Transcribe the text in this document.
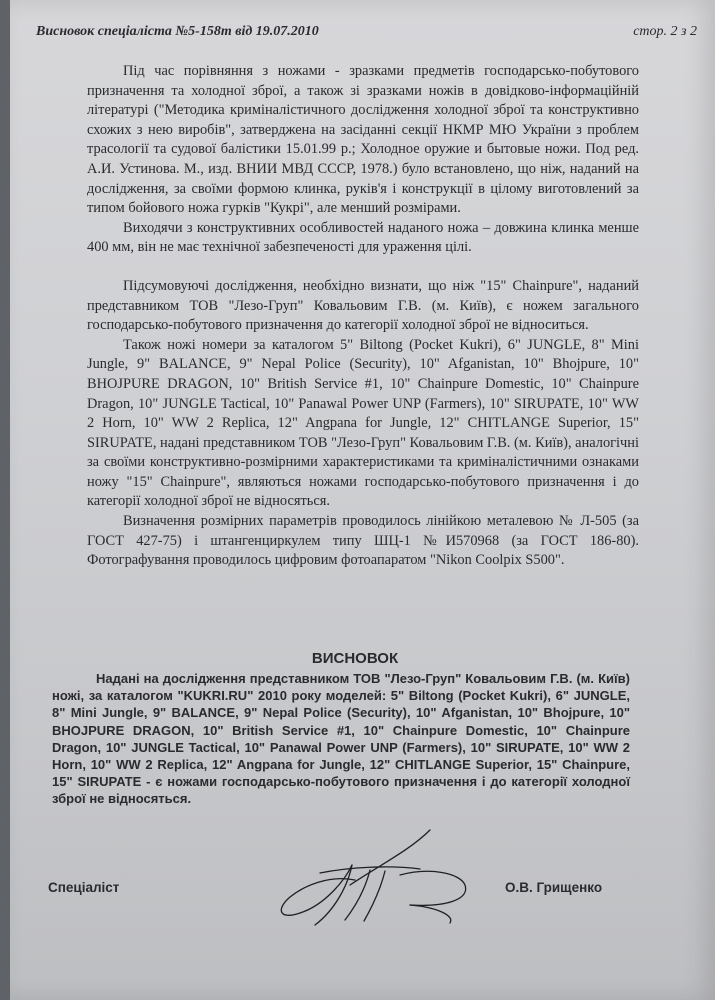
Висновок спеціаліста №5-158т від 19.07.2010	стор. 2 з 2

Під час порівняння з ножами - зразками предметів господарсько-побутового призначення та холодної зброї, а також зі зразками ножів в довідково-інформаційній літературі ("Методика криміналістичного дослідження холодної зброї та конструктивно схожих з нею виробів", затверджена на засіданні секції НКМР МЮ України з проблем трасології та судової балістики 15.01.99 р.; Холодное оружие и бытовые ножи. Под ред. А.И. Устинова. М., изд. ВНИИ МВД СССР, 1978.) було встановлено, що ніж, наданий на дослідження, за своїми формою клинка, руків'я і конструкції в цілому виготовлений за типом бойового ножа гурків "Кукрі", але менший розмірами.

Виходячи з конструктивних особливостей наданого ножа – довжина клинка менше 400 мм, він не має технічної забезпеченості для ураження цілі.

Підсумовуючі дослідження, необхідно визнати, що ніж "15" Chainpure", наданий представником ТОВ "Лезо-Груп" Ковальовим Г.В. (м. Київ), є ножем загального господарсько-побутового призначення до категорії холодної зброї не відноситься.

Також ножі номери за каталогом 5" Biltong (Pocket Kukri), 6" JUNGLE, 8" Mini Jungle, 9" BALANCE, 9" Nepal Police (Security), 10" Afganistan, 10" Bhojpure, 10" BHOJPURE DRAGON, 10" British Service #1, 10" Chainpure Domestic, 10" Chainpure Dragon, 10" JUNGLE Tactical, 10" Panawal Power UNP (Farmers), 10" SIRUPATE, 10" WW 2 Horn, 10" WW 2 Replica, 12" Angpana for Jungle, 12" CHITLANGE Superior, 15" SIRUPATE, надані представником ТОВ "Лезо-Груп" Ковальовим Г.В. (м. Київ), аналогічні за своїми конструктивно-розмірними характеристиками та криміналістичними ознаками ножу "15" Chainpure", являються ножами господарсько-побутового призначення і до категорії холодної зброї не відносяться.

Визначення розмірних параметрів проводилось лінійкою металевою № Л-505 (за ГОСТ 427-75) і штангенциркулем типу ШЦ-1 №И570968 (за ГОСТ 186-80). Фотографування проводилось цифровим фотоапаратом "Nikon Coolpix S500".

ВИСНОВОК

Надані на дослідження представником ТОВ "Лезо-Груп" Ковальовим Г.В. (м. Київ) ножі, за каталогом "KUKRI.RU" 2010 року моделей: 5" Biltong (Pocket Kukri), 6" JUNGLE, 8" Mini Jungle, 9" BALANCE, 9" Nepal Police (Security), 10" Afganistan, 10" Bhojpure, 10" BHOJPURE DRAGON, 10" British Service #1, 10" Chainpure Domestic, 10" Chainpure Dragon, 10" JUNGLE Tactical, 10" Panawal Power UNP (Farmers), 10" SIRUPATE, 10" WW 2 Horn, 10" WW 2 Replica, 12" Angpana for Jungle, 12" CHITLANGE Superior, 15" Chainpure, 15" SIRUPATE - є ножами господарсько-побутового призначення і до категорії холодної зброї не відносяться.

Спеціаліст	О.В. Грищенко
